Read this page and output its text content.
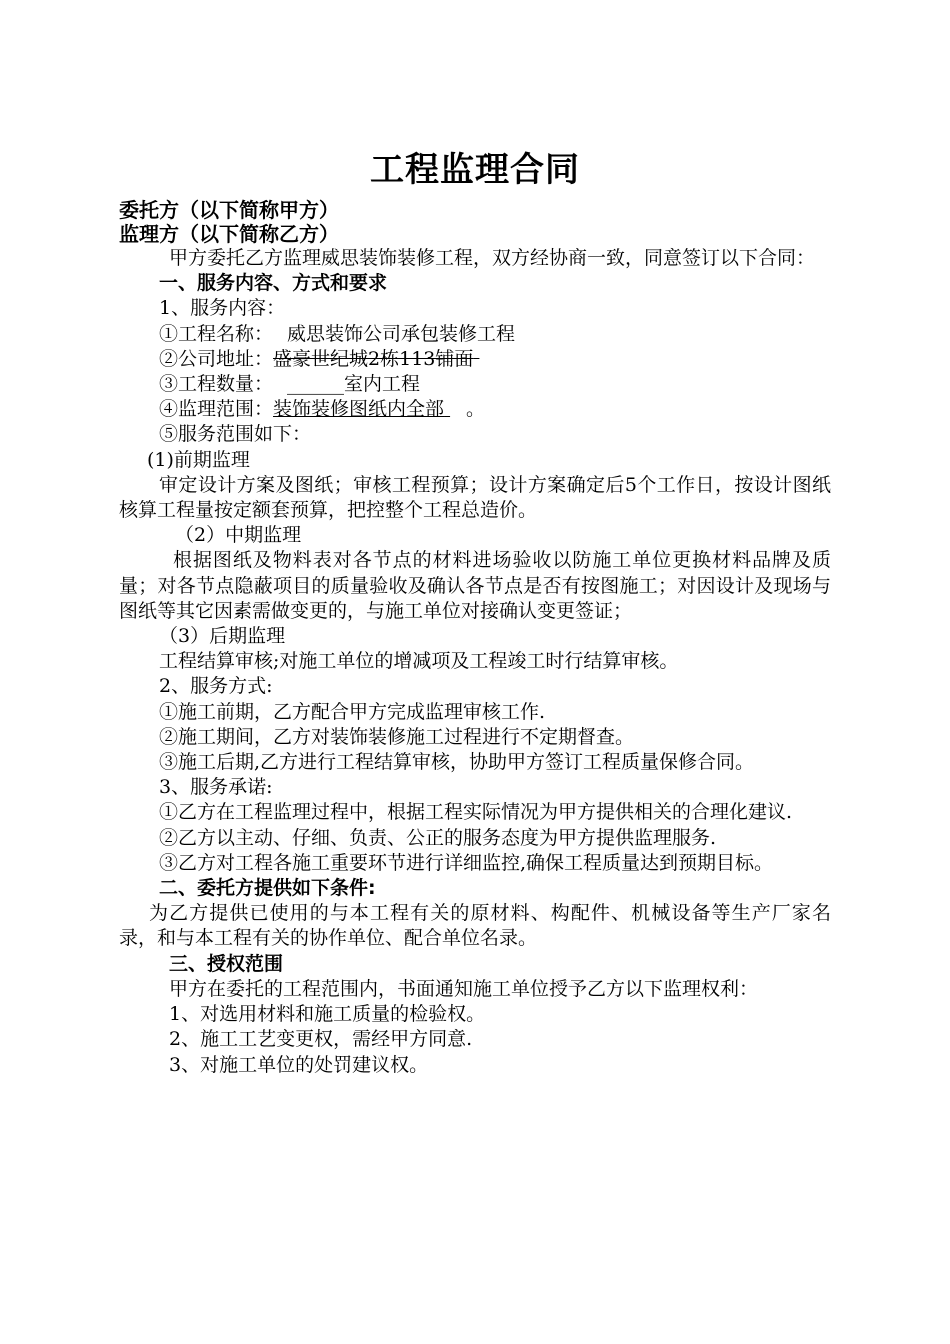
工程监理合同
委托方（以下简称甲方）
监理方（以下简称乙方）

甲方委托乙方监理威思装饰装修工程，双方经协商一致，同意签订以下合同：

一、服务内容、方式和要求

1、服务内容：

①工程名称： 威思装饰公司承包装修工程

②公司地址：盛豪世纪城2栋113铺面

③工程数量： ______室内工程

④监理范围：装饰装修图纸内全部 。

⑤服务范围如下：

(1)前期监理

审定设计方案及图纸；审核工程预算；设计方案确定后5个工作日，按设计图纸核算工程量按定额套预算，把控整个工程总造价。

（2）中期监理

根据图纸及物料表对各节点的材料进场验收以防施工单位更换材料品牌及质量；对各节点隐蔽项目的质量验收及确认各节点是否有按图施工；对因设计及现场与图纸等其它因素需做变更的，与施工单位对接确认变更签证；

（3）后期监理

工程结算审核;对施工单位的增减项及工程竣工时行结算审核。

2、服务方式:

①施工前期，乙方配合甲方完成监理审核工作.

②施工期间，乙方对装饰装修施工过程进行不定期督查。

③施工后期,乙方进行工程结算审核，协助甲方签订工程质量保修合同。

3、服务承诺:

①乙方在工程监理过程中，根据工程实际情况为甲方提供相关的合理化建议.

②乙方以主动、仔细、负责、公正的服务态度为甲方提供监理服务.

③乙方对工程各施工重要环节进行详细监控,确保工程质量达到预期目标。

二、委托方提供如下条件:

为乙方提供已使用的与本工程有关的原材料、构配件、机械设备等生产厂家名录，和与本工程有关的协作单位、配合单位名录。

三、授权范围

甲方在委托的工程范围内，书面通知施工单位授予乙方以下监理权利：

1、对选用材料和施工质量的检验权。

2、施工工艺变更权，需经甲方同意.

3、对施工单位的处罚建议权。
